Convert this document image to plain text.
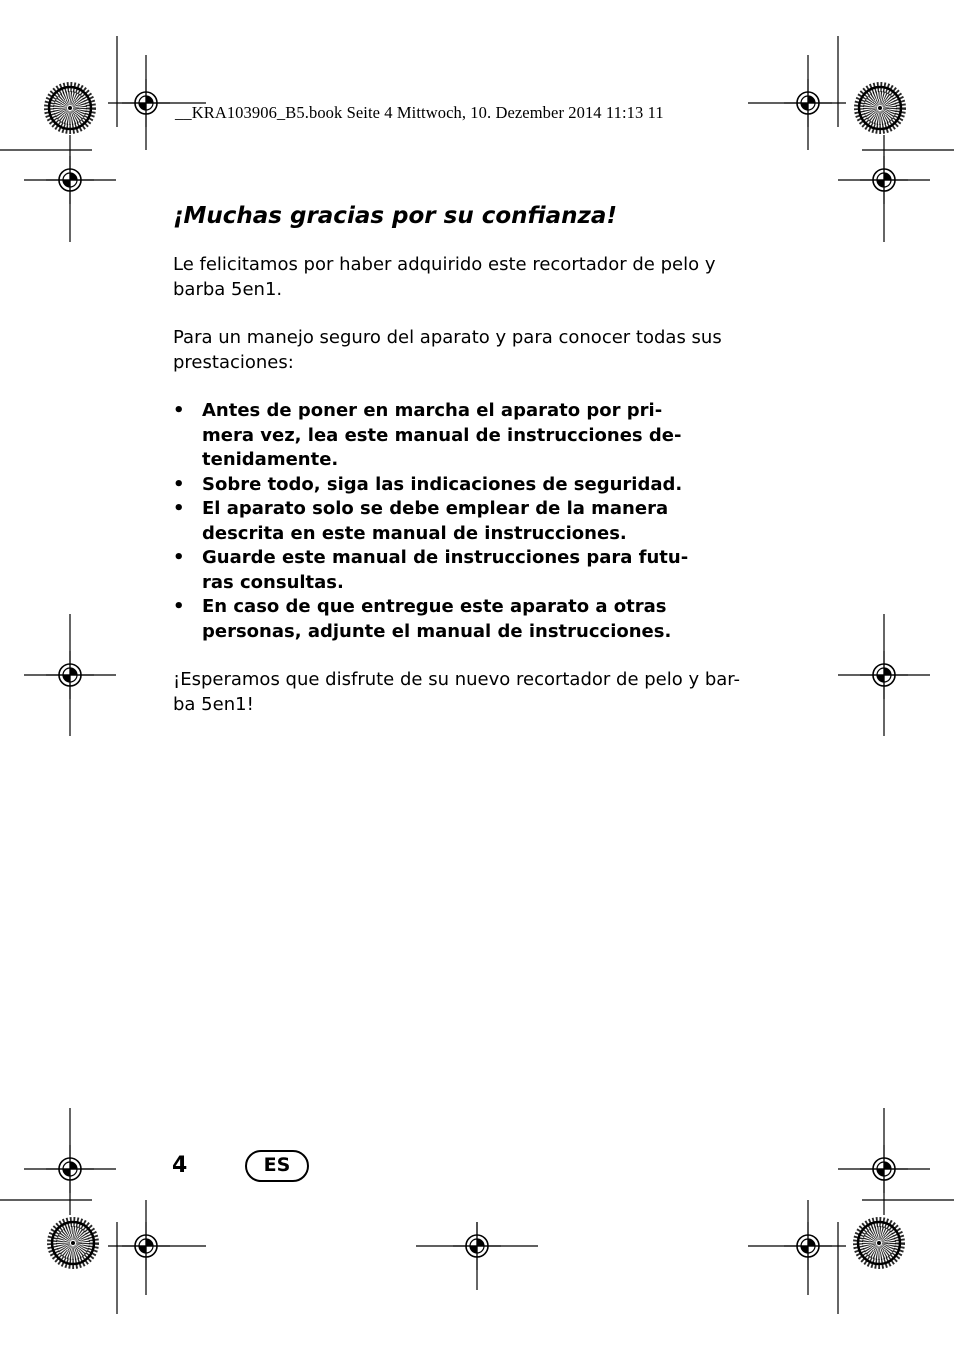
__KRA103906_B5.book Seite 4 Mittwoch, 10. Dezember 2014 11:13 11
¡Muchas gracias por su confianza!

Le felicitamos por haber adquirido este recortador de pelo y
barba 5en1.

Para un manejo seguro del aparato y para conocer todas sus
prestaciones:

• Antes de poner en marcha el aparato por pri-
mera vez, lea este manual de instrucciones de-
tenidamente.
• Sobre todo, siga las indicaciones de seguridad.
• El aparato solo se debe emplear de la manera
descrita en este manual de instrucciones.
• Guarde este manual de instrucciones para futu-
ras consultas.
• En caso de que entregue este aparato a otras
personas, adjunte el manual de instrucciones.

¡Esperamos que disfrute de su nuevo recortador de pelo y bar-
ba 5en1!

4	ES
